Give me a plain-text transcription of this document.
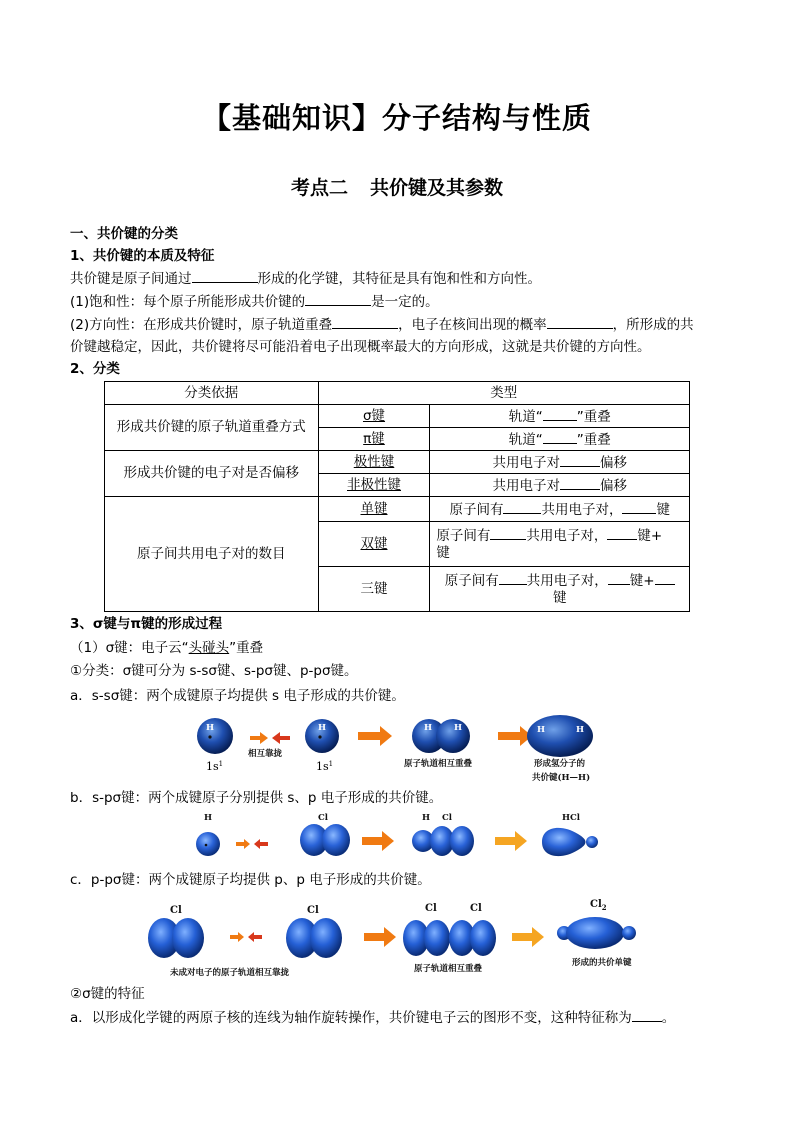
【基础知识】分子结构与性质
考点二 共价键及其参数
一、共价键的分类
1、共价键的本质及特征
共价键是原子间通过	形成的化学键，其特征是具有饱和性和方向性。
(1)饱和性：每个原子所能形成共价键的	是一定的。
(2)方向性：在形成共价键时，原子轨道重叠	，电子在核间出现的概率	，所形成的共
价键越稳定，因此，共价键将尽可能沿着电子出现概率最大的方向形成，这就是共价键的方向性。
2、分类
分类依据	类型	
形成共价键的原子轨道重叠方式	σ键	轨道“ ”重叠
	π键	轨道“ ”重叠
形成共价键的电子对是否偏移	极性键	共用电子对 偏移
	非极性键	共用电子对 偏移
原子间共用电子对的数目	单键	原子间有 共用电子对， 键
	双键	原子间有 共用电子对， 键+
键
	三键	原子间有 共用电子对， 键+
键
3、σ键与π键的形成过程
（1）σ键：电子云“头碰头”重叠
①分类：σ键可分为 s-sσ键、s-pσ键、p-pσ键。
a．s-sσ键：两个成键原子均提供 s 电子形成的共价键。
H
$1s^1$
相互靠拢
H
$1s^1$
H	H
原子轨道相互重叠
H	H
形成氢分子的
共价键(H—H)
b．s-pσ键：两个成键原子分别提供 s、p 电子形成的共价键。
H	Cl	H Cl	HCl
c．p-pσ键：两个成键原子均提供 p、p 电子形成的共价键。
Cl	Cl	Cl	Cl	$Cl_2$
未成对电子的原子轨道相互靠拢	原子轨道相互重叠
形成的共价单键
②σ键的特征
a．以形成化学键的两原子核的连线为轴作旋转操作，共价键电子云的图形不变，这种特征称为 。
